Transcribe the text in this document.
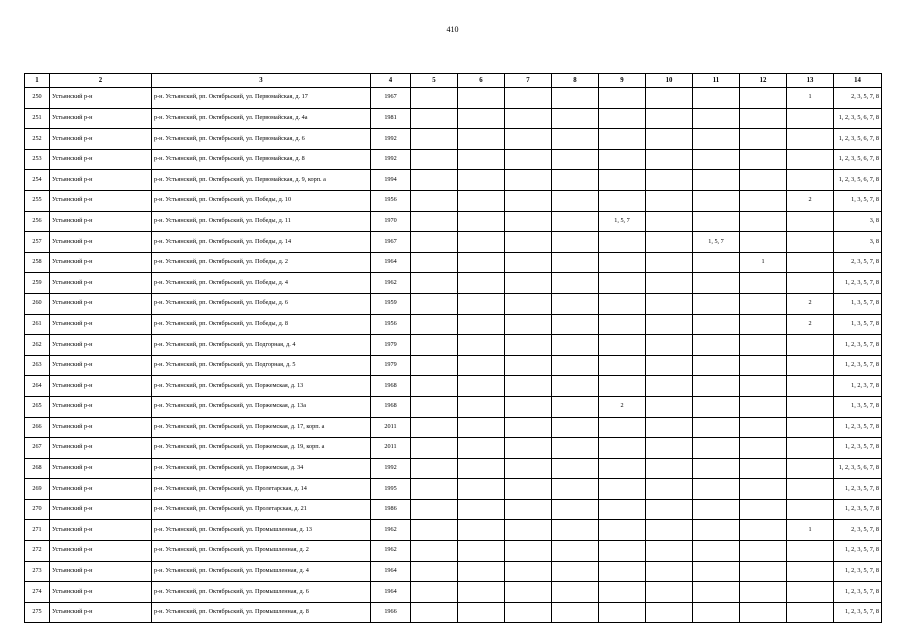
410
1	2	3	4	5	6	7	8	9	10	11	12	13	14
250	Устьянский р-н	р-н. Устьянский, рп. Октябрьский, ул. Первомайская, д. 17	1967									1	2, 3, 5, 7, 8
251	Устьянский р-н	р-н. Устьянский, рп. Октябрьский, ул. Первомайская, д. 4а	1981										1, 2, 3, 5, 6, 7, 8
252	Устьянский р-н	р-н. Устьянский, рп. Октябрьский, ул. Первомайская, д. 6	1992										1, 2, 3, 5, 6, 7, 8
253	Устьянский р-н	р-н. Устьянский, рп. Октябрьский, ул. Первомайская, д. 8	1992										1, 2, 3, 5, 6, 7, 8
254	Устьянский р-н	р-н. Устьянский, рп. Октябрьский, ул. Первомайская, д. 9, корп. а	1994										1, 2, 3, 5, 6, 7, 8
255	Устьянский р-н	р-н. Устьянский, рп. Октябрьский, ул. Победы, д. 10	1956									2	1, 3, 5, 7, 8
256	Устьянский р-н	р-н. Устьянский, рп. Октябрьский, ул. Победы, д. 11	1970					1, 5, 7					3, 8
257	Устьянский р-н	р-н. Устьянский, рп. Октябрьский, ул. Победы, д. 14	1967							1, 5, 7			3, 8
258	Устьянский р-н	р-н. Устьянский, рп. Октябрьский, ул. Победы, д. 2	1964								1		2, 3, 5, 7, 8
259	Устьянский р-н	р-н. Устьянский, рп. Октябрьский, ул. Победы, д. 4	1962										1, 2, 3, 5, 7, 8
260	Устьянский р-н	р-н. Устьянский, рп. Октябрьский, ул. Победы, д. 6	1959									2	1, 3, 5, 7, 8
261	Устьянский р-н	р-н. Устьянский, рп. Октябрьский, ул. Победы, д. 8	1956									2	1, 3, 5, 7, 8
262	Устьянский р-н	р-н. Устьянский, рп. Октябрьский, ул. Подгорная, д. 4	1979										1, 2, 3, 5, 7, 8
263	Устьянский р-н	р-н. Устьянский, рп. Октябрьский, ул. Подгорная, д. 5	1979										1, 2, 3, 5, 7, 8
264	Устьянский р-н	р-н. Устьянский, рп. Октябрьский, ул. Поржемская, д. 13	1968										1, 2, 3, 7, 8
265	Устьянский р-н	р-н. Устьянский, рп. Октябрьский, ул. Поржемская, д. 13а	1968					2					1, 3, 5, 7, 8
266	Устьянский р-н	р-н. Устьянский, рп. Октябрьский, ул. Поржемская, д. 17, корп. а	2011										1, 2, 3, 5, 7, 8
267	Устьянский р-н	р-н. Устьянский, рп. Октябрьский, ул. Поржемская, д. 19, корп. а	2011										1, 2, 3, 5, 7, 8
268	Устьянский р-н	р-н. Устьянский, рп. Октябрьский, ул. Поржемская, д. 34	1992										1, 2, 3, 5, 6, 7, 8
269	Устьянский р-н	р-н. Устьянский, рп. Октябрьский, ул. Пролетарская, д. 14	1995										1, 2, 3, 5, 7, 8
270	Устьянский р-н	р-н. Устьянский, рп. Октябрьский, ул. Пролетарская, д. 21	1986										1, 2, 3, 5, 7, 8
271	Устьянский р-н	р-н. Устьянский, рп. Октябрьский, ул. Промышленная, д. 13	1962									1	2, 3, 5, 7, 8
272	Устьянский р-н	р-н. Устьянский, рп. Октябрьский, ул. Промышленная, д. 2	1962										1, 2, 3, 5, 7, 8
273	Устьянский р-н	р-н. Устьянский, рп. Октябрьский, ул. Промышленная, д. 4	1964										1, 2, 3, 5, 7, 8
274	Устьянский р-н	р-н. Устьянский, рп. Октябрьский, ул. Промышленная, д. 6	1964										1, 2, 3, 5, 7, 8
275	Устьянский р-н	р-н. Устьянский, рп. Октябрьский, ул. Промышленная, д. 8	1966										1, 2, 3, 5, 7, 8
